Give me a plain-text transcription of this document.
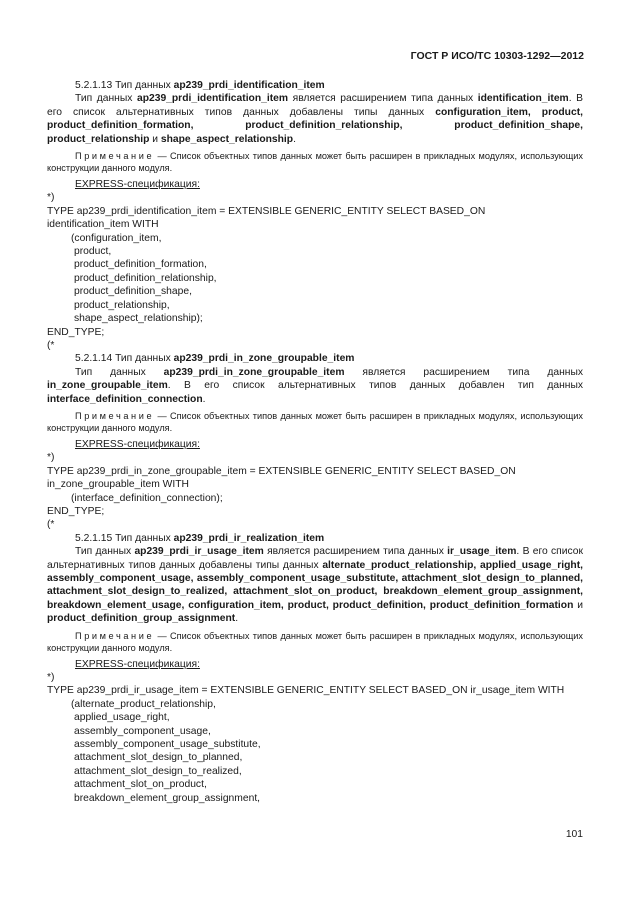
ГОСТ Р ИСО/ТС 10303-1292—2012

5.2.1.13 Тип данных ap239_prdi_identification_item

Тип данных ap239_prdi_identification_item является расширением типа данных identification_item. В его список альтернативных типов данных добавлены типы данных configuration_item, product, product_definition_formation, product_definition_relationship, product_definition_shape, product_relationship и shape_aspect_relationship.

Примечание — Список объектных типов данных может быть расширен в прикладных модулях, использующих конструкции данного модуля.

EXPRESS-спецификация:

*)

TYPE ap239_prdi_identification_item = EXTENSIBLE GENERIC_ENTITY SELECT BASED_ON

identification_item WITH

(configuration_item,

product,

product_definition_formation,

product_definition_relationship,

product_definition_shape,

product_relationship,

shape_aspect_relationship);

END_TYPE;

(*

5.2.1.14 Тип данных ap239_prdi_in_zone_groupable_item

Тип данных ap239_prdi_in_zone_groupable_item является расширением типа данных in_zone_groupable_item. В его список альтернативных типов данных добавлен тип данных interface_definition_connection.

Примечание — Список объектных типов данных может быть расширен в прикладных модулях, использующих конструкции данного модуля.

EXPRESS-спецификация:

*)

TYPE ap239_prdi_in_zone_groupable_item = EXTENSIBLE GENERIC_ENTITY SELECT BASED_ON

in_zone_groupable_item WITH

(interface_definition_connection);

END_TYPE;

(*

5.2.1.15 Тип данных ap239_prdi_ir_realization_item

Тип данных ap239_prdi_ir_usage_item является расширением типа данных ir_usage_item. В его список альтернативных типов данных добавлены типы данных alternate_product_relationship, applied_usage_right, assembly_component_usage, assembly_component_usage_substitute, attachment_slot_design_to_planned, attachment_slot_design_to_realized, attachment_slot_on_product, breakdown_element_group_assignment, breakdown_element_usage, configuration_item, product, product_definition, product_definition_formation и product_definition_group_assignment.

Примечание — Список объектных типов данных может быть расширен в прикладных модулях, использующих конструкции данного модуля.

EXPRESS-спецификация:

*)

TYPE ap239_prdi_ir_usage_item = EXTENSIBLE GENERIC_ENTITY SELECT BASED_ON ir_usage_item WITH

(alternate_product_relationship,

applied_usage_right,

assembly_component_usage,

assembly_component_usage_substitute,

attachment_slot_design_to_planned,

attachment_slot_design_to_realized,

attachment_slot_on_product,

breakdown_element_group_assignment,

101
